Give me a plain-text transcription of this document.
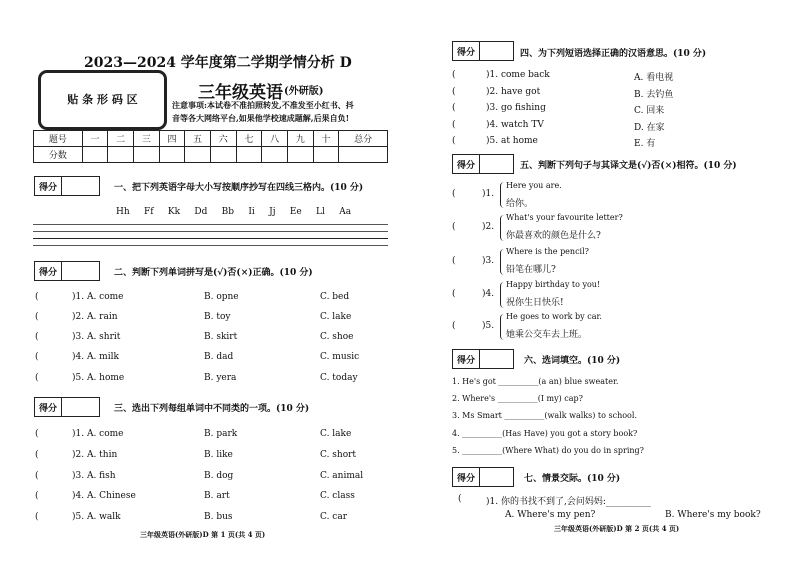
2023—2024 学年度第二学期学情分析 D
贴 条 形 码 区	三年级英语 (外研版)
注意事项:本试卷不准拍照转发,不准发至小红书、抖
音等各大网络平台,如果他学校速成题解,后果自负!
题号	一	二	三	四	五	六	七	八	九	十	总分
分数											
得分	一、把下列英语字母大小写按顺序抄写在四线三格内。(10 分)
Hh Ff Kk Dd Bb Ii Jj Ee Ll Aa
得分	二、判断下列单词拼写是(√)否(×)正确。(10 分)
(	)1. A. come	B. opne	C. bed
(	)2. A. rain	B. toy	C. lake
(	)3. A. shrit	B. skirt	C. shoe
(	)4. A. milk	B. dad	C. music
(	)5. A. home	B. yera	C. today
得分	三、选出下列每组单词中不同类的一项。(10 分)
(	)1. A. come	B. park	C. lake
(	)2. A. thin	B. like	C. short
(	)3. A. fish	B. dog	C. animal
(	)4. A. Chinese	B. art	C. class
(	)5. A. walk	B. bus	C. car
三年级英语(外研版)D 第 1 页(共 4 页)
得分	四、为下列短语选择正确的汉语意思。(10 分)
(	)1. come back	A. 看电视
(	)2. have got	B. 去钓鱼
(	)3. go fishing	C. 回来
(	)4. watch TV	D. 在家
(	)5. at home	E. 有
得分	五、判断下列句子与其译文是(√)否(×)相符。(10 分)
(	)1.
Here you are.
给你。
(	)2.
What's your favourite letter?
你最喜欢的颜色是什么?
(	)3.
Where is the pencil?
铅笔在哪儿?
(	)4.
Happy birthday to you!
祝你生日快乐!
(	)5.
He goes to work by car.
她乘公交车去上班。
得分	六、选词填空。(10 分)
1. He's got __________(a an) blue sweater.
2. Where's __________(I my) cap?
3. Ms Smart __________(walk walks) to school.
4. __________(Has Have) you got a story book?
5. __________(Where What) do you do in spring?
得分	七、情景交际。(10 分)
(	)1. 你的书找不到了,会问妈妈:__________
A. Where's my pen?	B. Where's my book?
三年级英语(外研版)D 第 2 页(共 4 页)
